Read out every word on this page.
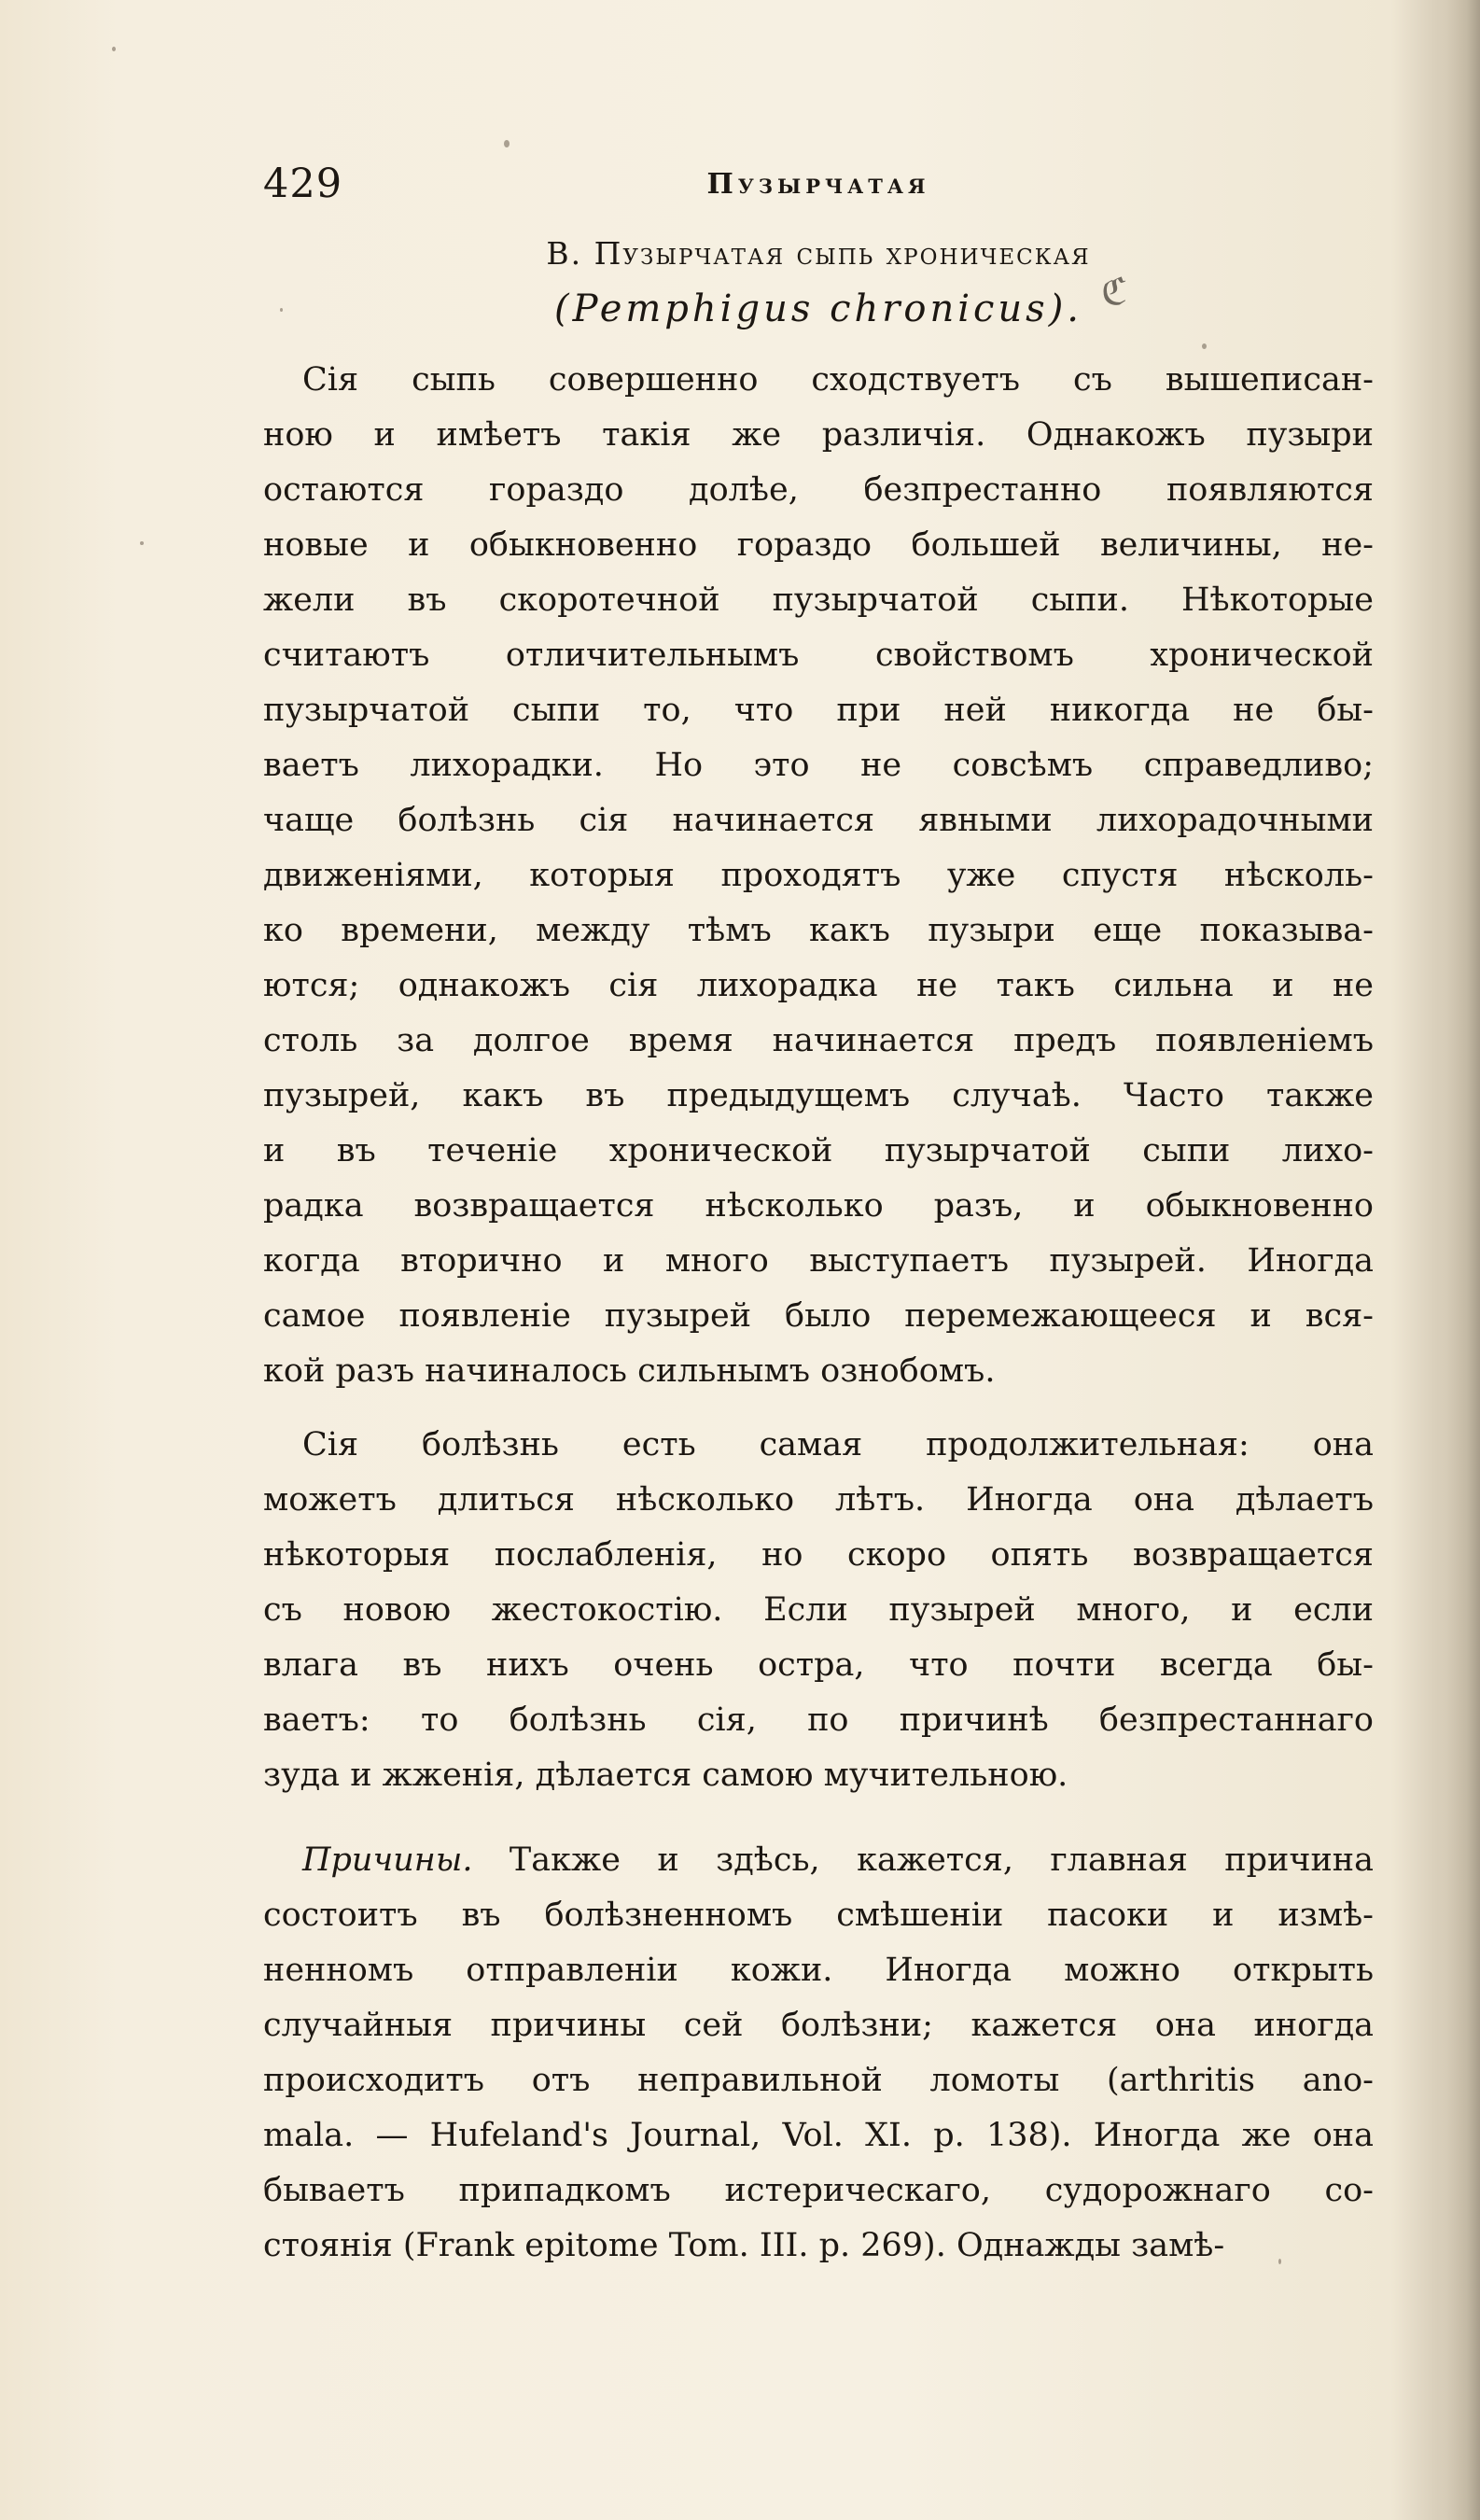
429	Пузырчатая
B. Пузырчатая сыпь хроническая
(Pemphigus chronicus). ℭ

Сія сыпь совершенно сходствуетъ съ вышеписан-
ною и имѣетъ такія же различія. Однакожъ пузыри
остаются гораздо долѣе, безпрестанно появляются
новые и обыкновенно гораздо большей величины, не-
жели въ скоротечной пузырчатой сыпи. Нѣкоторые
считаютъ отличительнымъ свойствомъ хронической
пузырчатой сыпи то, что при ней никогда не бы-
ваетъ лихорадки. Но это не совсѣмъ справедливо;
чаще болѣзнь сія начинается явными лихорадочными
движеніями, которыя проходятъ уже спустя нѣсколь-
ко времени, между тѣмъ какъ пузыри еще показыва-
ются; однакожъ сія лихорадка не такъ сильна и не
столь за долгое время начинается предъ появленіемъ
пузырей, какъ въ предыдущемъ случаѣ. Часто также
и въ теченіе хронической пузырчатой сыпи лихо-
радка возвращается нѣсколько разъ, и обыкновенно
когда вторично и много выступаетъ пузырей. Иногда
самое появленіе пузырей было перемежающееся и вся-
кой разъ начиналось сильнымъ ознобомъ.

Сія болѣзнь есть самая продолжительная: она
можетъ длиться нѣсколько лѣтъ. Иногда она дѣлаетъ
нѣкоторыя послабленія, но скоро опять возвращается
съ новою жестокостію. Если пузырей много, и если
влага въ нихъ очень остра, что почти всегда бы-
ваетъ: то болѣзнь сія, по причинѣ безпрестаннаго
зуда и жженія, дѣлается самою мучительною.

Причины. Также и здѣсь, кажется, главная причина
состоитъ въ болѣзненномъ смѣшеніи пасоки и измѣ-
ненномъ отправленіи кожи. Иногда можно открыть
случайныя причины сей болѣзни; кажется она иногда
происходитъ отъ неправильной ломоты (arthritis ano-
mala. — Hufeland's Journal, Vol. XI. p. 138). Иногда же она
бываетъ припадкомъ истерическаго, судорожнаго со-
стоянія (Frank epitome Tom. III. p. 269). Однажды замѣ-
